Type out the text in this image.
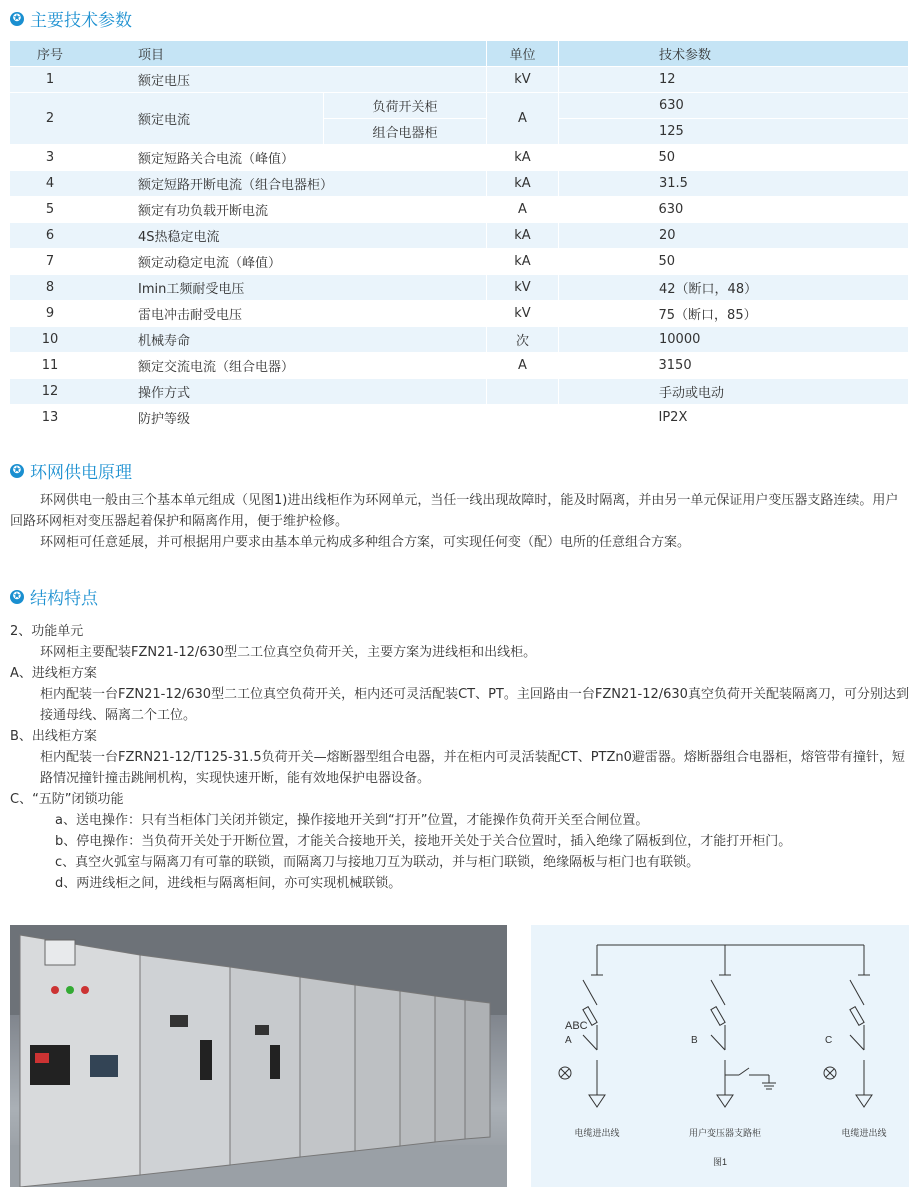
✪ 主要技术参数
序号	项目		单位	技术参数
1	额定电压		kV	12
2	额定电流	负荷开关柜	A	630
		组合电器柜		125
3	额定短路关合电流（峰值）		kA	50
4	额定短路开断电流（组合电器柜）		kA	31.5
5	额定有功负载开断电流		A	630
6	4S热稳定电流		kA	20
7	额定动稳定电流（峰值）		kA	50
8	Imin工频耐受电压		kV	42（断口，48）
9	雷电冲击耐受电压		kV	75（断口，85）
10	机械寿命		次	10000
11	额定交流电流（组合电器）		A	3150
12	操作方式			手动或电动
13	防护等级			IP2X
✪ 环网供电原理

环网供电一般由三个基本单元组成（见图1)进出线柜作为环网单元，当任一线出现故障时，能及时隔离，并由另一单元保证用户变压器支路连续。用户回路环网柜对变压器起着保护和隔离作用，便于维护检修。

环网柜可任意延展，并可根据用户要求由基本单元构成多种组合方案，可实现任何变（配）电所的任意组合方案。

✪ 结构特点

2、功能单元

环网柜主要配装FZN21-12/630型二工位真空负荷开关，主要方案为进线柜和出线柜。

A、进线柜方案

柜内配装一台FZN21-12/630型二工位真空负荷开关，柜内还可灵活配装CT、PT。主回路由一台FZN21-12/630真空负荷开关配装隔离刀，可分别达到接通母线、隔离二个工位。

B、出线柜方案

柜内配装一台FZRN21-12/T125-31.5负荷开关—熔断器型组合电器，并在柜内可灵活装配CT、PTZn0避雷器。熔断器组合电器柜，熔管带有撞针，短路情况撞针撞击跳闸机构，实现快速开断，能有效地保护电器设备。

C、“五防”闭锁功能

a、送电操作：只有当柜体门关闭并锁定，操作接地开关到“打开”位置，才能操作负荷开关至合闸位置。

b、停电操作：当负荷开关处于开断位置，才能关合接地开关，接地开关处于关合位置时，插入绝缘了隔板到位，才能打开柜门。

c、真空火弧室与隔离刀有可靠的联锁，而隔离刀与接地刀互为联动，并与柜门联锁，绝缘隔板与柜门也有联锁。

d、两进线柜之间，进线柜与隔离柜间，亦可实现机械联锁。

ABC
A	B	C
电缆进出线	用户变压器支路柜	电缆进出线
图1
